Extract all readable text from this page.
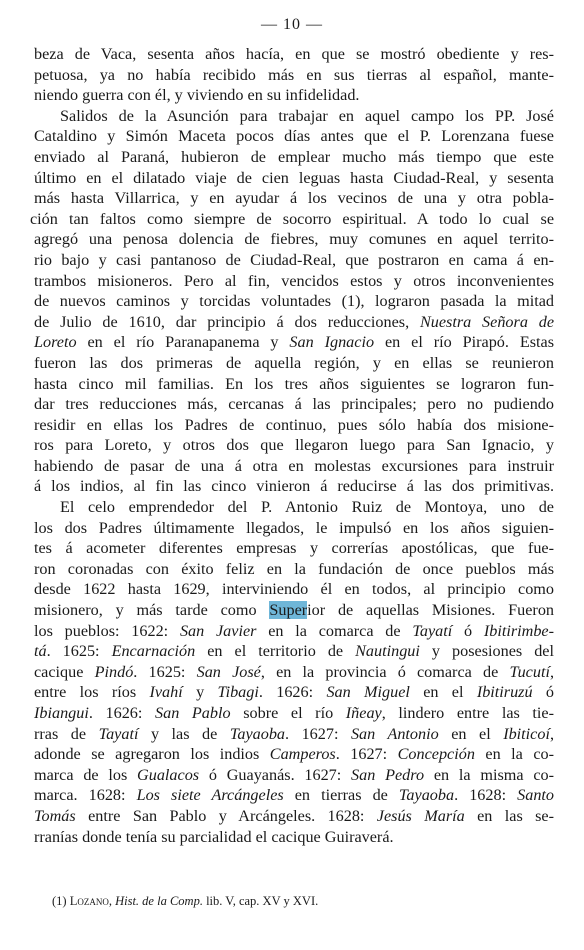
— 10 —
beza de Vaca, sesenta años hacía, en que se mostró obediente y res-
petuosa, ya no había recibido más en sus tierras al español, mante-
niendo guerra con él, y viviendo en su infidelidad.
Salidos de la Asunción para trabajar en aquel campo los PP. José
Cataldino y Simón Maceta pocos días antes que el P. Lorenzana fuese
enviado al Paraná, hubieron de emplear mucho más tiempo que este
último en el dilatado viaje de cien leguas hasta Ciudad-Real, y sesenta
más hasta Villarrica, y en ayudar á los vecinos de una y otra pobla-
ción tan faltos como siempre de socorro espiritual. A todo lo cual se
agregó una penosa dolencia de fiebres, muy comunes en aquel territo-
rio bajo y casi pantanoso de Ciudad-Real, que postraron en cama á en-
trambos misioneros. Pero al fin, vencidos estos y otros inconvenientes
de nuevos caminos y torcidas voluntades (1), lograron pasada la mitad
de Julio de 1610, dar principio á dos reducciones, Nuestra Señora de
Loreto en el río Paranapanema y San Ignacio en el río Pirapó. Estas
fueron las dos primeras de aquella región, y en ellas se reunieron
hasta cinco mil familias. En los tres años siguientes se lograron fun-
dar tres reducciones más, cercanas á las principales; pero no pudiendo
residir en ellas los Padres de continuo, pues sólo había dos misione-
ros para Loreto, y otros dos que llegaron luego para San Ignacio, y
habiendo de pasar de una á otra en molestas excursiones para instruir
á los indios, al fin las cinco vinieron á reducirse á las dos primitivas.
El celo emprendedor del P. Antonio Ruiz de Montoya, uno de
los dos Padres últimamente llegados, le impulsó en los años siguien-
tes á acometer diferentes empresas y correrías apostólicas, que fue-
ron coronadas con éxito feliz en la fundación de once pueblos más
desde 1622 hasta 1629, interviniendo él en todos, al principio como
misionero, y más tarde como Superior de aquellas Misiones. Fueron
los pueblos: 1622: San Javier en la comarca de Tayatí ó Ibitirimbe-
tá. 1625: Encarnación en el territorio de Nautingui y posesiones del
cacique Pindó. 1625: San José, en la provincia ó comarca de Tucutí,
entre los ríos Ivahí y Tibagi. 1626: San Miguel en el Ibitiruzú ó
Ibiangui. 1626: San Pablo sobre el río Iñeay, lindero entre las tie-
rras de Tayatí y las de Tayaoba. 1627: San Antonio en el Ibiticoí,
adonde se agregaron los indios Camperos. 1627: Concepción en la co-
marca de los Gualacos ó Guayanás. 1627: San Pedro en la misma co-
marca. 1628: Los siete Arcángeles en tierras de Tayaoba. 1628: Santo
Tomás entre San Pablo y Arcángeles. 1628: Jesús María en las se-
rranías donde tenía su parcialidad el cacique Guiraverá.
(1) Lozano, Hist. de la Comp. lib. V, cap. XV y XVI.
